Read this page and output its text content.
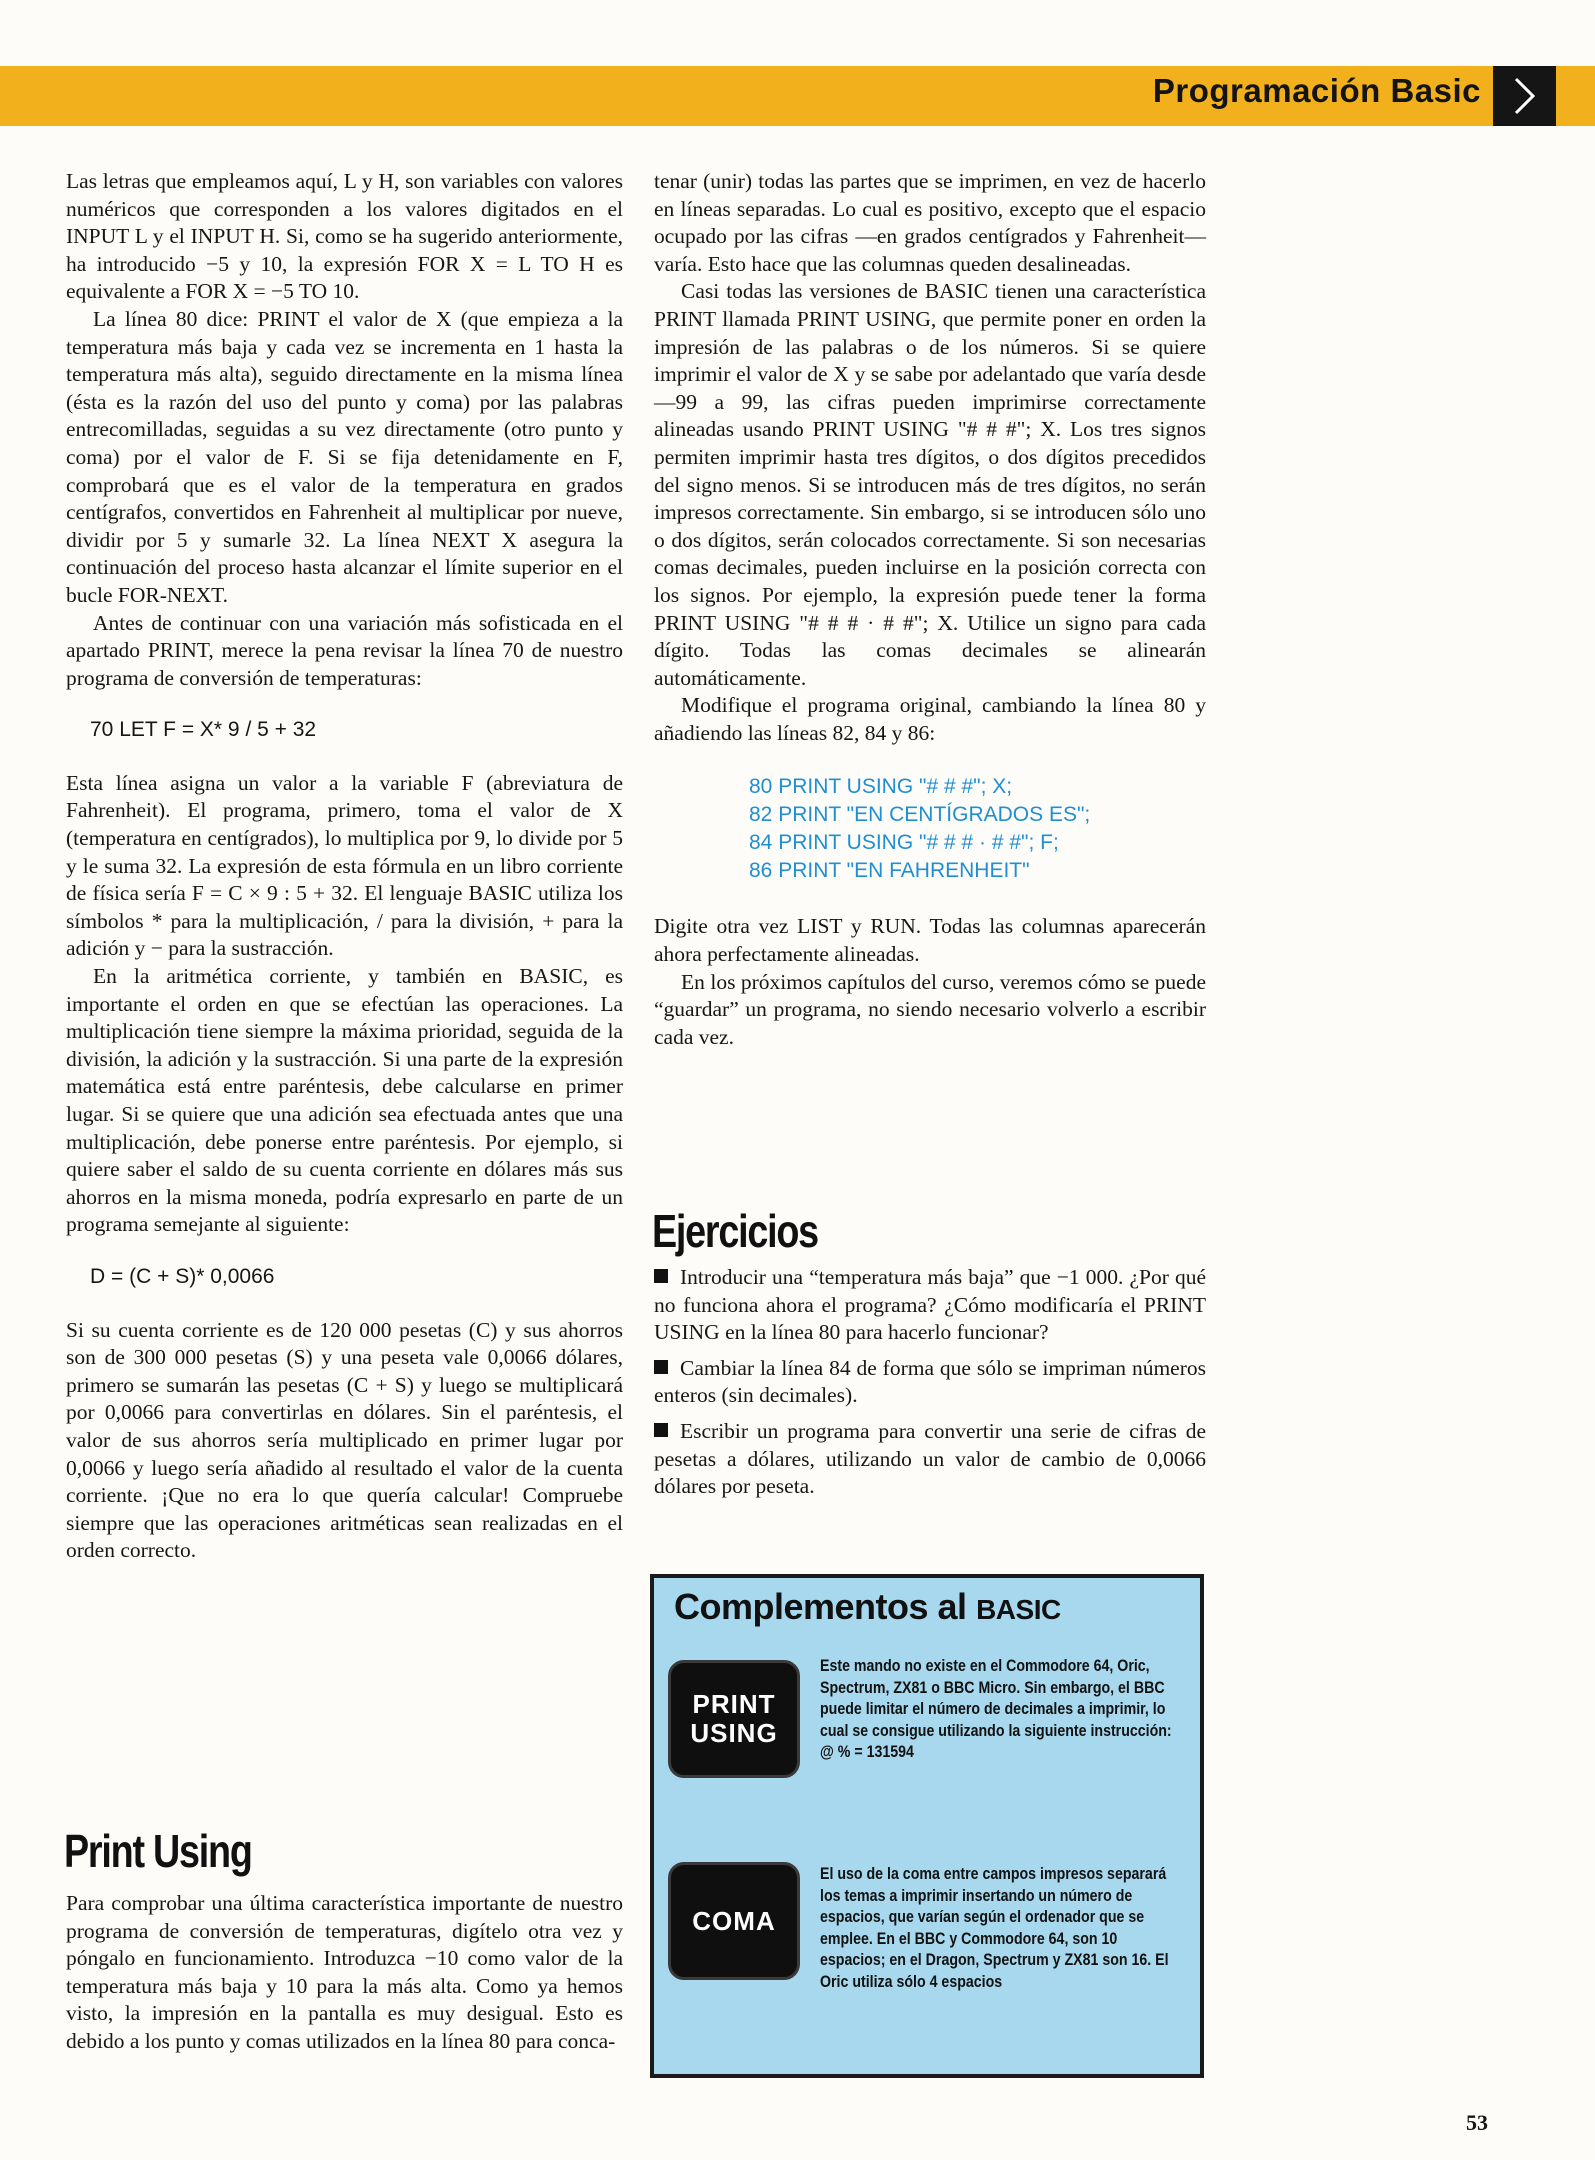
Programación Basic

Las letras que empleamos aquí, L y H, son variables con valores numéricos que corresponden a los valores digitados en el INPUT L y el INPUT H. Si, como se ha sugerido anteriormente, ha introducido −5 y 10, la expresión FOR X = L TO H es equivalente a FOR X = −5 TO 10.

La línea 80 dice: PRINT el valor de X (que empieza a la temperatura más baja y cada vez se incrementa en 1 hasta la temperatura más alta), seguido directamente en la misma línea (ésta es la razón del uso del punto y coma) por las palabras entrecomilladas, seguidas a su vez directamente (otro punto y coma) por el valor de F. Si se fija detenidamente en F, comprobará que es el valor de la temperatura en grados centígrafos, convertidos en Fahrenheit al multiplicar por nueve, dividir por 5 y sumarle 32. La línea NEXT X asegura la continuación del proceso hasta alcanzar el límite superior en el bucle FOR-NEXT.

Antes de continuar con una variación más sofisticada en el apartado PRINT, merece la pena revisar la línea 70 de nuestro programa de conversión de temperaturas:

70 LET F = X* 9 / 5 + 32

Esta línea asigna un valor a la variable F (abreviatura de Fahrenheit). El programa, primero, toma el valor de X (temperatura en centígrados), lo multiplica por 9, lo divide por 5 y le suma 32. La expresión de esta fórmula en un libro corriente de física sería F = C × 9 : 5 + 32. El lenguaje BASIC utiliza los símbolos * para la multiplicación, / para la división, + para la adición y − para la sustracción.

En la aritmética corriente, y también en BASIC, es importante el orden en que se efectúan las operaciones. La multiplicación tiene siempre la máxima prioridad, seguida de la división, la adición y la sustracción. Si una parte de la expresión matemática está entre paréntesis, debe calcularse en primer lugar. Si se quiere que una adición sea efectuada antes que una multiplicación, debe ponerse entre paréntesis. Por ejemplo, si quiere saber el saldo de su cuenta corriente en dólares más sus ahorros en la misma moneda, podría expresarlo en parte de un programa semejante al siguiente:

D = (C + S)* 0,0066

Si su cuenta corriente es de 120 000 pesetas (C) y sus ahorros son de 300 000 pesetas (S) y una peseta vale 0,0066 dólares, primero se sumarán las pesetas (C + S) y luego se multiplicará por 0,0066 para convertirlas en dólares. Sin el paréntesis, el valor de sus ahorros sería multiplicado en primer lugar por 0,0066 y luego sería añadido al resultado el valor de la cuenta corriente. ¡Que no era lo que quería calcular! Compruebe siempre que las operaciones aritméticas sean realizadas en el orden correcto.

Print Using
Para comprobar una última característica importante de nuestro programa de conversión de temperaturas, digítelo otra vez y póngalo en funcionamiento. Introduzca −10 como valor de la temperatura más baja y 10 para la más alta. Como ya hemos visto, la impresión en la pantalla es muy desigual. Esto es debido a los punto y comas utilizados en la línea 80 para conca-

tenar (unir) todas las partes que se imprimen, en vez de hacerlo en líneas separadas. Lo cual es positivo, excepto que el espacio ocupado por las cifras —en grados centígrados y Fahrenheit— varía. Esto hace que las columnas queden desalineadas.

Casi todas las versiones de BASIC tienen una característica PRINT llamada PRINT USING, que permite poner en orden la impresión de las palabras o de los números. Si se quiere imprimir el valor de X y se sabe por adelantado que varía desde —99 a 99, las cifras pueden imprimirse correctamente alineadas usando PRINT USING "# # #"; X. Los tres signos permiten imprimir hasta tres dígitos, o dos dígitos precedidos del signo menos. Si se introducen más de tres dígitos, no serán impresos correctamente. Sin embargo, si se introducen sólo uno o dos dígitos, serán colocados correctamente. Si son necesarias comas decimales, pueden incluirse en la posición correcta con los signos. Por ejemplo, la expresión puede tener la forma PRINT USING "# # # · # #"; X. Utilice un signo para cada dígito. Todas las comas decimales se alinearán automáticamente.

Modifique el programa original, cambiando la línea 80 y añadiendo las líneas 82, 84 y 86:

80 PRINT USING "# # #"; X;
82 PRINT "EN CENTÍGRADOS ES";
84 PRINT USING "# # # · # #"; F;
86 PRINT "EN FAHRENHEIT"

Digite otra vez LIST y RUN. Todas las columnas aparecerán ahora perfectamente alineadas.

En los próximos capítulos del curso, veremos cómo se puede “guardar” un programa, no siendo necesario volverlo a escribir cada vez.

Ejercicios

Introducir una “temperatura más baja” que −1 000. ¿Por qué no funciona ahora el programa? ¿Cómo modificaría el PRINT USING en la línea 80 para hacerlo funcionar?

Cambiar la línea 84 de forma que sólo se impriman números enteros (sin decimales).

Escribir un programa para convertir una serie de cifras de pesetas a dólares, utilizando un valor de cambio de 0,0066 dólares por peseta.

Complementos al BASIC
PRINT
USING
Este mando no existe en el Commodore 64, Oric, Spectrum, ZX81 o BBC Micro. Sin embargo, el BBC puede limitar el número de decimales a imprimir, lo cual se consigue utilizando la siguiente instrucción:
@ % = 131594
COMA
El uso de la coma entre campos impresos separará los temas a imprimir insertando un número de espacios, que varían según el ordenador que se emplee. En el BBC y Commodore 64, son 10 espacios; en el Dragon, Spectrum y ZX81 son 16. El Oric utiliza sólo 4 espacios
53
